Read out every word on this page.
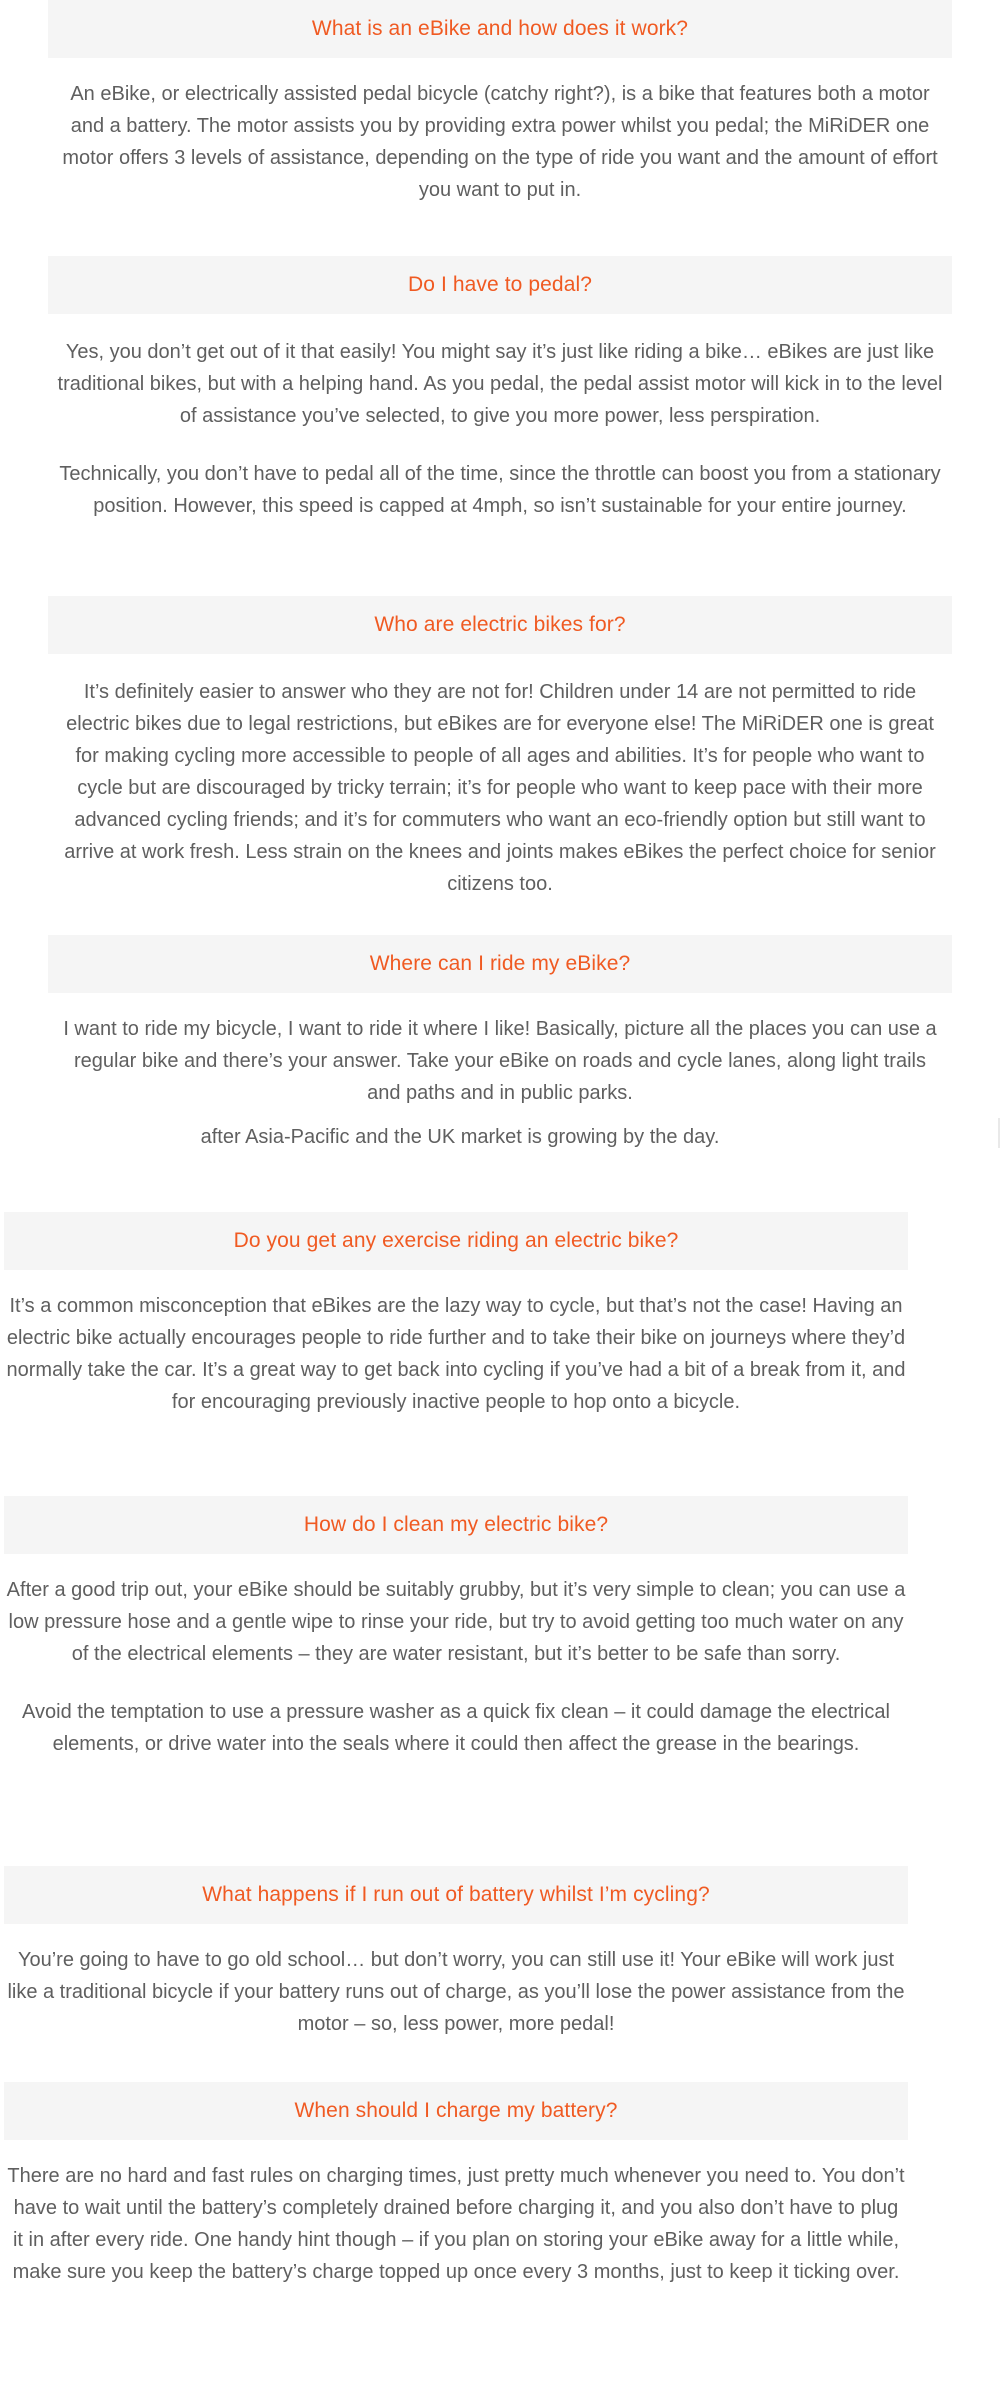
What is an eBike and how does it work?

An eBike, or electrically assisted pedal bicycle (catchy right?), is a bike that features both a motor and a battery. The motor assists you by providing extra power whilst you pedal; the MiRiDER one motor offers 3 levels of assistance, depending on the type of ride you want and the amount of effort you want to put in.

Do I have to pedal?

Yes, you don’t get out of it that easily! You might say it’s just like riding a bike… eBikes are just like traditional bikes, but with a helping hand. As you pedal, the pedal assist motor will kick in to the level of assistance you’ve selected, to give you more power, less perspiration.

Technically, you don’t have to pedal all of the time, since the throttle can boost you from a stationary position. However, this speed is capped at 4mph, so isn’t sustainable for your entire journey.

Who are electric bikes for?

It’s definitely easier to answer who they are not for! Children under 14 are not permitted to ride electric bikes due to legal restrictions, but eBikes are for everyone else! The MiRiDER one is great for making cycling more accessible to people of all ages and abilities. It’s for people who want to cycle but are discouraged by tricky terrain; it’s for people who want to keep pace with their more advanced cycling friends; and it’s for commuters who want an eco-friendly option but still want to arrive at work fresh. Less strain on the knees and joints makes eBikes the perfect choice for senior citizens too.

Where can I ride my eBike?

I want to ride my bicycle, I want to ride it where I like! Basically, picture all the places you can use a regular bike and there’s your answer. Take your eBike on roads and cycle lanes, along light trails and paths and in public parks.

after Asia-Pacific and the UK market is growing by the day.
Do you get any exercise riding an electric bike?

It’s a common misconception that eBikes are the lazy way to cycle, but that’s not the case! Having an electric bike actually encourages people to ride further and to take their bike on journeys where they’d normally take the car. It’s a great way to get back into cycling if you’ve had a bit of a break from it, and for encouraging previously inactive people to hop onto a bicycle.

How do I clean my electric bike?

After a good trip out, your eBike should be suitably grubby, but it’s very simple to clean; you can use a low pressure hose and a gentle wipe to rinse your ride, but try to avoid getting too much water on any of the electrical elements – they are water resistant, but it’s better to be safe than sorry.

Avoid the temptation to use a pressure washer as a quick fix clean – it could damage the electrical elements, or drive water into the seals where it could then affect the grease in the bearings.

What happens if I run out of battery whilst I’m cycling?

You’re going to have to go old school… but don’t worry, you can still use it! Your eBike will work just like a traditional bicycle if your battery runs out of charge, as you’ll lose the power assistance from the motor – so, less power, more pedal!

When should I charge my battery?

There are no hard and fast rules on charging times, just pretty much whenever you need to. You don’t have to wait until the battery’s completely drained before charging it, and you also don’t have to plug it in after every ride. One handy hint though – if you plan on storing your eBike away for a little while, make sure you keep the battery’s charge topped up once every 3 months, just to keep it ticking over.
